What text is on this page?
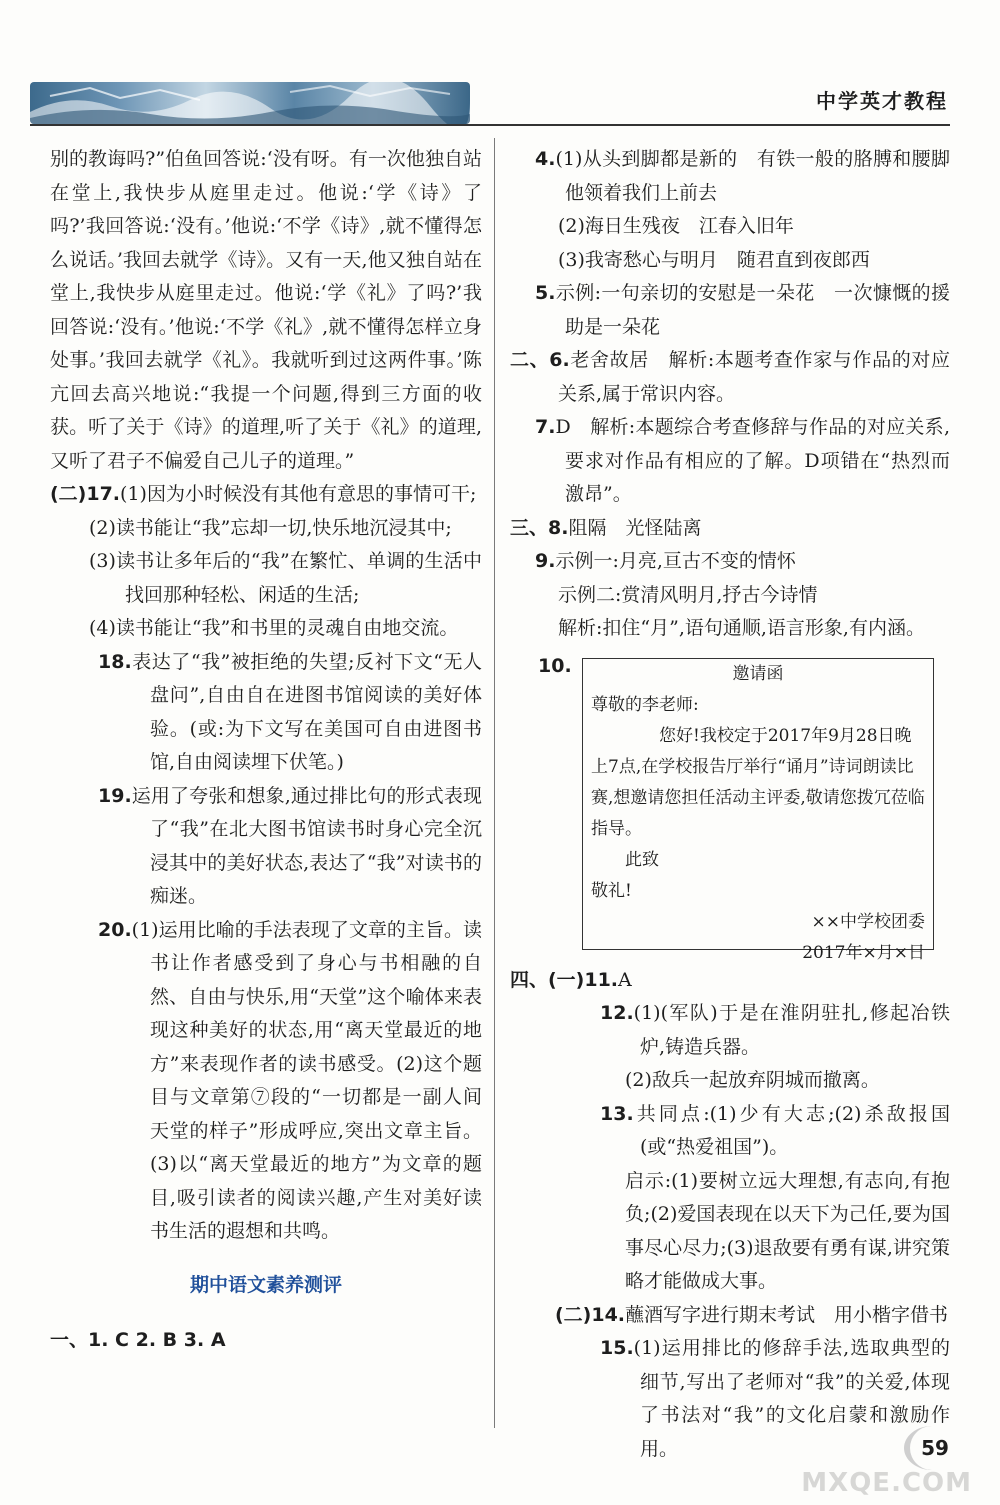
中学英才教程

别的教诲吗?”伯鱼回答说:‘没有呀。有一次他独自站在堂上,我快步从庭里走过。他说:‘学《诗》了吗?’我回答说:‘没有。’他说:‘不学《诗》,就不懂得怎么说话。’我回去就学《诗》。又有一天,他又独自站在堂上,我快步从庭里走过。他说:‘学《礼》了吗?’我回答说:‘没有。’他说:‘不学《礼》,就不懂得怎样立身处事。’我回去就学《礼》。我就听到过这两件事。’陈亢回去高兴地说:“我提一个问题,得到三方面的收获。听了关于《诗》的道理,听了关于《礼》的道理,又听了君子不偏爱自己儿子的道理。”

(二)17.(1)因为小时候没有其他有意思的事情可干;

(2)读书能让“我”忘却一切,快乐地沉浸其中;

(3)读书让多年后的“我”在繁忙、单调的生活中找回那种轻松、闲适的生活;

(4)读书能让“我”和书里的灵魂自由地交流。

18.表达了“我”被拒绝的失望;反衬下文“无人盘问”,自由自在进图书馆阅读的美好体验。(或:为下文写在美国可自由进图书馆,自由阅读埋下伏笔。)

19.运用了夸张和想象,通过排比句的形式表现了“我”在北大图书馆读书时身心完全沉浸其中的美好状态,表达了“我”对读书的痴迷。

20.(1)运用比喻的手法表现了文章的主旨。读书让作者感受到了身心与书相融的自然、自由与快乐,用“天堂”这个喻体来表现这种美好的状态,用“离天堂最近的地方”来表现作者的读书感受。(2)这个题目与文章第⑦段的“一切都是一副人间天堂的样子”形成呼应,突出文章主旨。(3)以“离天堂最近的地方”为文章的题目,吸引读者的阅读兴趣,产生对美好读书生活的遐想和共鸣。

期中语文素养测评

一、1. C 2. B 3. A

4.(1)从头到脚都是新的　有铁一般的胳膊和腰脚　他领着我们上前去

(2)海日生残夜　江春入旧年

(3)我寄愁心与明月　随君直到夜郎西

5.示例:一句亲切的安慰是一朵花　一次慷慨的援助是一朵花

二、6.老舍故居　解析:本题考查作家与作品的对应关系,属于常识内容。

7.D　解析:本题综合考查修辞与作品的对应关系,要求对作品有相应的了解。D项错在“热烈而激昂”。

三、8.阻隔　光怪陆离

9.示例一:月亮,亘古不变的情怀

示例二:赏清风明月,抒古今诗情

解析:扣住“月”,语句通顺,语言形象,有内涵。

10.	邀请函
尊敬的李老师:
您好!我校定于2017年9月28日晚上7点,在学校报告厅举行“诵月”诗词朗读比赛,想邀请您担任活动主评委,敬请您拨冗莅临指导。
此致
敬礼!
××中学校团委
2017年×月×日

四、(一)11.A

12.(1)(军队)于是在淮阴驻扎,修起冶铁炉,铸造兵器。

(2)敌兵一起放弃阴城而撤离。

13.共同点:(1)少有大志;(2)杀敌报国(或“热爱祖国”)。

启示:(1)要树立远大理想,有志向,有抱负;(2)爱国表现在以天下为己任,要为国事尽心尽力;(3)退敌要有勇有谋,讲究策略才能做成大事。

(二)14.蘸酒写字进行期末考试　用小楷字借书

15.(1)运用排比的修辞手法,选取典型的细节,写出了老师对“我”的关爱,体现了书法对“我”的文化启蒙和激励作用。	59
MXQE.COM
